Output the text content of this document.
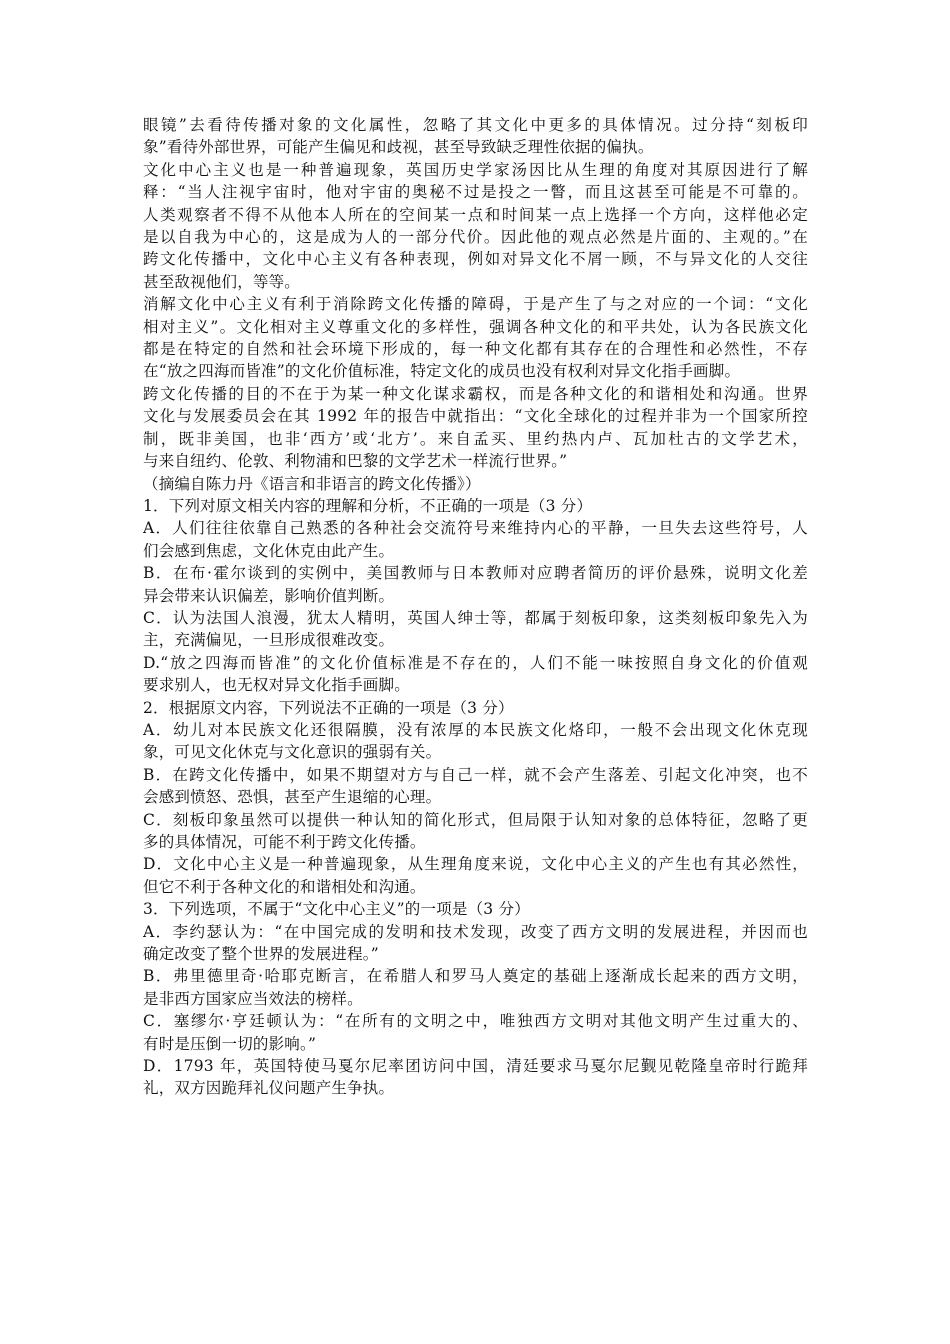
眼镜”去看待传播对象的文化属性，忽略了其文化中更多的具体情况。过分持“刻板印
象”看待外部世界，可能产生偏见和歧视，甚至导致缺乏理性依据的偏执。
文化中心主义也是一种普遍现象，英国历史学家汤因比从生理的角度对其原因进行了解
释：“当人注视宇宙时，他对宇宙的奥秘不过是投之一瞥，而且这甚至可能是不可靠的。
人类观察者不得不从他本人所在的空间某一点和时间某一点上选择一个方向，这样他必定
是以自我为中心的，这是成为人的一部分代价。因此他的观点必然是片面的、主观的。”在
跨文化传播中，文化中心主义有各种表现，例如对异文化不屑一顾，不与异文化的人交往
甚至敌视他们，等等。
消解文化中心主义有利于消除跨文化传播的障碍，于是产生了与之对应的一个词：“文化
相对主义”。文化相对主义尊重文化的多样性，强调各种文化的和平共处，认为各民族文化
都是在特定的自然和社会环境下形成的，每一种文化都有其存在的合理性和必然性，不存
在“放之四海而皆准”的文化价值标准，特定文化的成员也没有权利对异文化指手画脚。
跨文化传播的目的不在于为某一种文化谋求霸权，而是各种文化的和谐相处和沟通。世界
文化与发展委员会在其 1992 年的报告中就指出：“文化全球化的过程并非为一个国家所控
制，既非美国，也非‘西方’或‘北方’。来自孟买、里约热内卢、瓦加杜古的文学艺术，
与来自纽约、伦敦、利物浦和巴黎的文学艺术一样流行世界。”
（摘编自陈力丹《语言和非语言的跨文化传播》）
1．下列对原文相关内容的理解和分析，不正确的一项是（3 分）
A．人们往往依靠自己熟悉的各种社会交流符号来维持内心的平静，一旦失去这些符号，人
们会感到焦虑，文化休克由此产生。
B．在布·霍尔谈到的实例中，美国教师与日本教师对应聘者简历的评价悬殊，说明文化差
异会带来认识偏差，影响价值判断。
C．认为法国人浪漫，犹太人精明，英国人绅士等，都属于刻板印象，这类刻板印象先入为
主，充满偏见，一旦形成很难改变。
D.“放之四海而皆准”的文化价值标准是不存在的，人们不能一味按照自身文化的价值观
要求别人，也无权对异文化指手画脚。
2．根据原文内容，下列说法不正确的一项是（3 分）
A．幼儿对本民族文化还很隔膜，没有浓厚的本民族文化烙印，一般不会出现文化休克现
象，可见文化休克与文化意识的强弱有关。
B．在跨文化传播中，如果不期望对方与自己一样，就不会产生落差、引起文化冲突，也不
会感到愤怒、恐惧，甚至产生退缩的心理。
C．刻板印象虽然可以提供一种认知的简化形式，但局限于认知对象的总体特征，忽略了更
多的具体情况，可能不利于跨文化传播。
D．文化中心主义是一种普遍现象，从生理角度来说，文化中心主义的产生也有其必然性，
但它不利于各种文化的和谐相处和沟通。
3．下列选项，不属于“文化中心主义”的一项是（3 分）
A．李约瑟认为：“在中国完成的发明和技术发现，改变了西方文明的发展进程，并因而也
确定改变了整个世界的发展进程。”
B．弗里德里奇·哈耶克断言，在希腊人和罗马人奠定的基础上逐渐成长起来的西方文明，
是非西方国家应当效法的榜样。
C．塞缪尔·亨廷顿认为：“在所有的文明之中，唯独西方文明对其他文明产生过重大的、
有时是压倒一切的影响。”
D．1793 年，英国特使马戛尔尼率团访问中国，清廷要求马戛尔尼觐见乾隆皇帝时行跪拜
礼，双方因跪拜礼仪问题产生争执。
